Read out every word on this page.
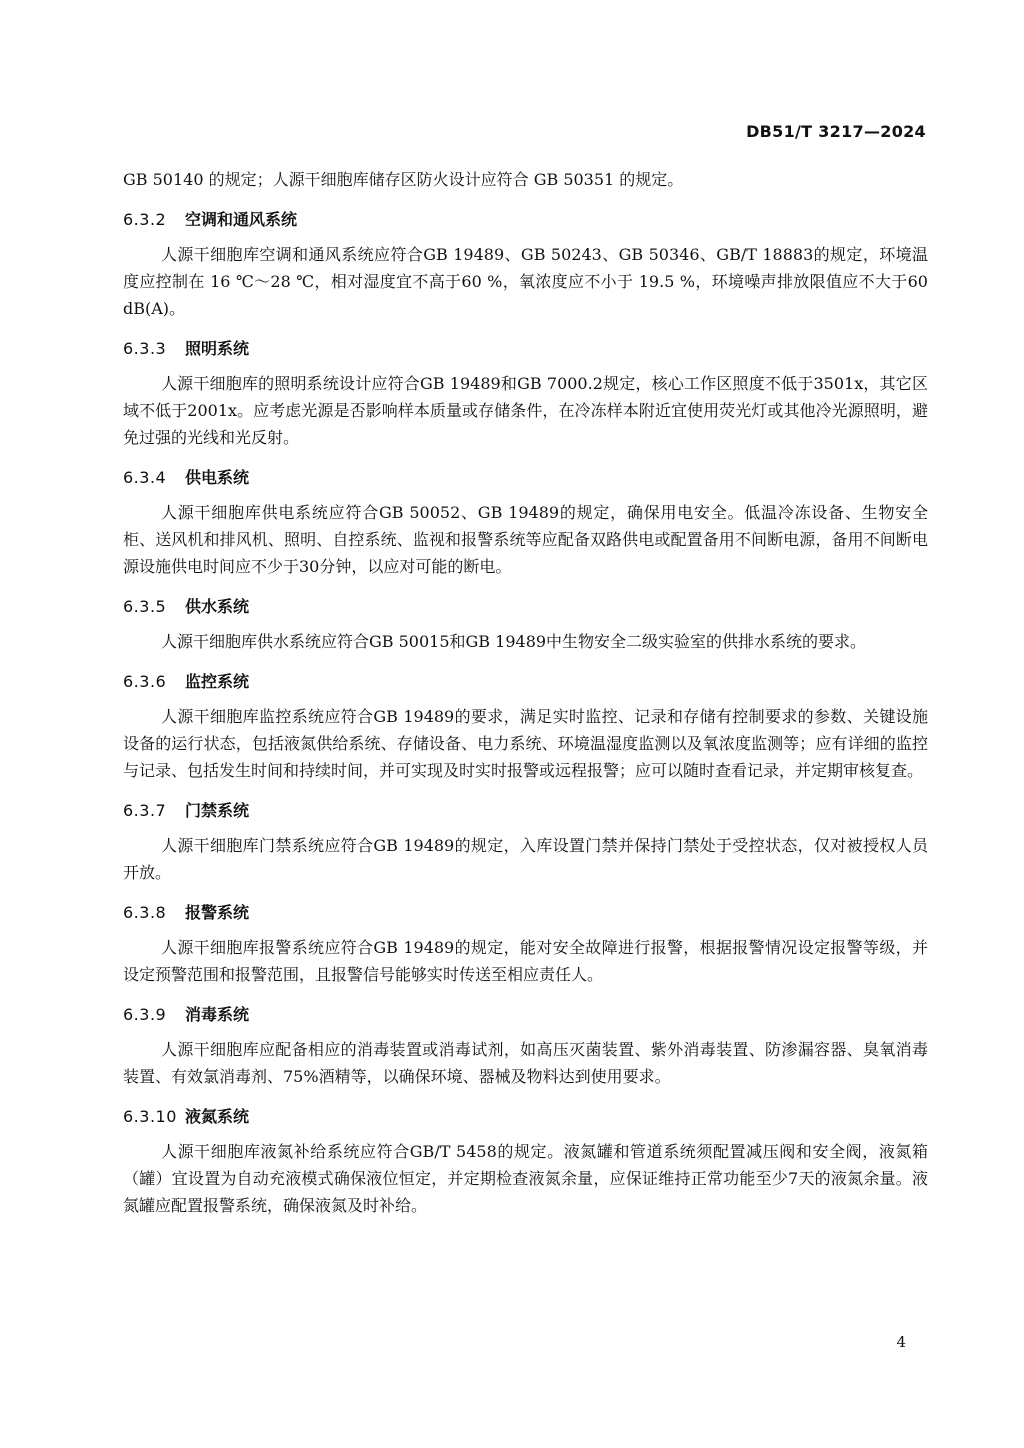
DB51/T 3217—2024

GB 50140 的规定；人源干细胞库储存区防火设计应符合 GB 50351 的规定。

6.3.2	空调和通风系统

人源干细胞库空调和通风系统应符合GB 19489、GB 50243、GB 50346、GB/T 18883的规定，环境温度应控制在 16 ℃～28 ℃，相对湿度宜不高于60 %，氧浓度应不小于 19.5 %，环境噪声排放限值应不大于60 dB(A)。

6.3.3	照明系统

人源干细胞库的照明系统设计应符合GB 19489和GB 7000.2规定，核心工作区照度不低于3501x，其它区域不低于2001x。应考虑光源是否影响样本质量或存储条件，在冷冻样本附近宜使用荧光灯或其他冷光源照明，避免过强的光线和光反射。

6.3.4	供电系统

人源干细胞库供电系统应符合GB 50052、GB 19489的规定，确保用电安全。低温冷冻设备、生物安全柜、送风机和排风机、照明、自控系统、监视和报警系统等应配备双路供电或配置备用不间断电源，备用不间断电源设施供电时间应不少于30分钟，以应对可能的断电。

6.3.5	供水系统

人源干细胞库供水系统应符合GB 50015和GB 19489中生物安全二级实验室的供排水系统的要求。

6.3.6	监控系统

人源干细胞库监控系统应符合GB 19489的要求，满足实时监控、记录和存储有控制要求的参数、关键设施设备的运行状态，包括液氮供给系统、存储设备、电力系统、环境温湿度监测以及氧浓度监测等；应有详细的监控与记录、包括发生时间和持续时间，并可实现及时实时报警或远程报警；应可以随时查看记录，并定期审核复查。

6.3.7	门禁系统

人源干细胞库门禁系统应符合GB 19489的规定，入库设置门禁并保持门禁处于受控状态，仅对被授权人员开放。

6.3.8	报警系统

人源干细胞库报警系统应符合GB 19489的规定，能对安全故障进行报警，根据报警情况设定报警等级，并设定预警范围和报警范围，且报警信号能够实时传送至相应责任人。

6.3.9	消毒系统

人源干细胞库应配备相应的消毒装置或消毒试剂，如高压灭菌装置、紫外消毒装置、防渗漏容器、臭氧消毒装置、有效氯消毒剂、75%酒精等，以确保环境、器械及物料达到使用要求。

6.3.10 液氮系统

人源干细胞库液氮补给系统应符合GB/T 5458的规定。液氮罐和管道系统须配置减压阀和安全阀，液氮箱（罐）宜设置为自动充液模式确保液位恒定，并定期检查液氮余量，应保证维持正常功能至少7天的液氮余量。液氮罐应配置报警系统，确保液氮及时补给。

4
